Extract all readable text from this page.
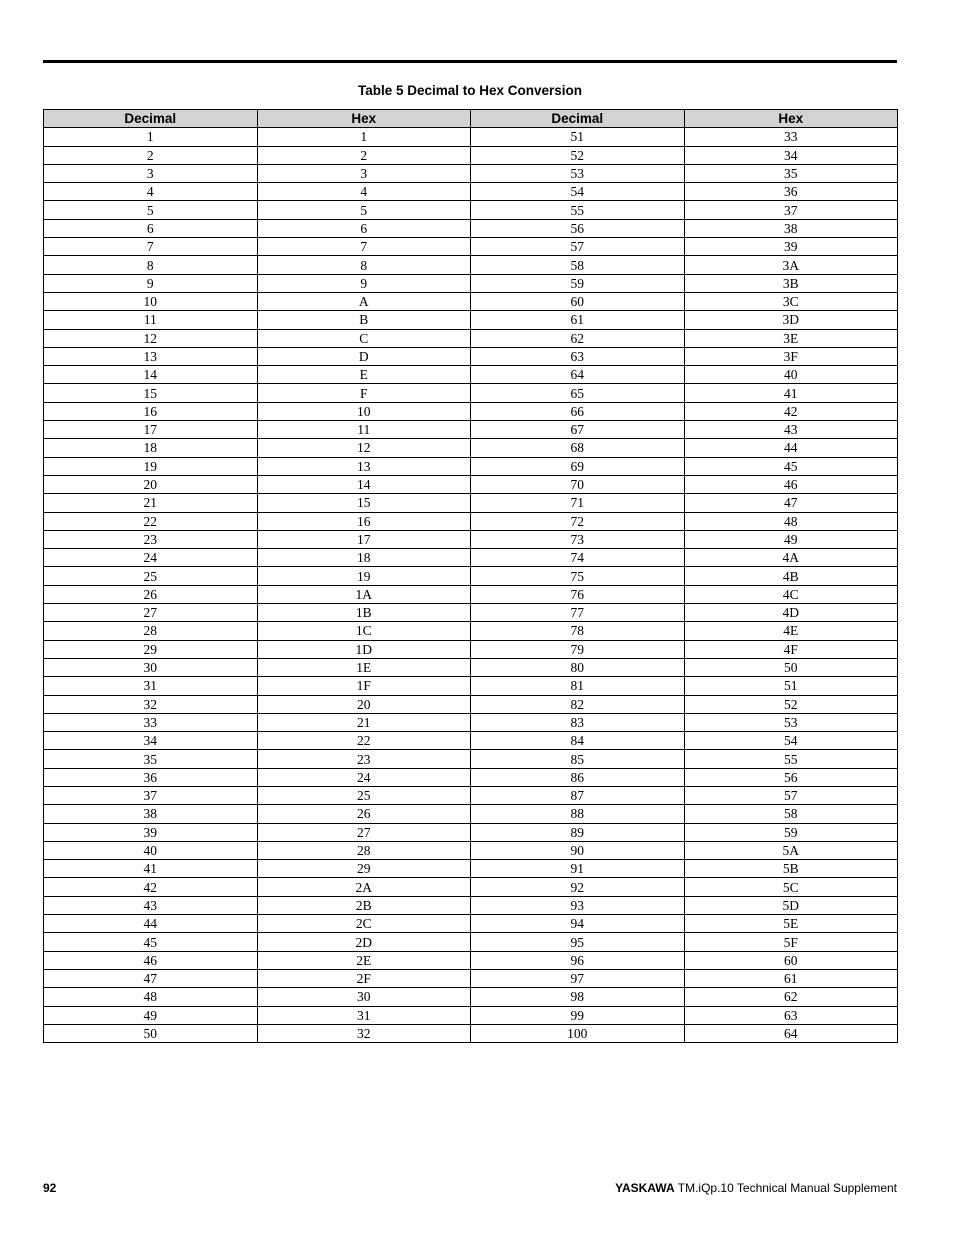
Table 5 Decimal to Hex Conversion
Decimal	Hex	Decimal	Hex
1	1	51	33
2	2	52	34
3	3	53	35
4	4	54	36
5	5	55	37
6	6	56	38
7	7	57	39
8	8	58	3A
9	9	59	3B
10	A	60	3C
11	B	61	3D
12	C	62	3E
13	D	63	3F
14	E	64	40
15	F	65	41
16	10	66	42
17	11	67	43
18	12	68	44
19	13	69	45
20	14	70	46
21	15	71	47
22	16	72	48
23	17	73	49
24	18	74	4A
25	19	75	4B
26	1A	76	4C
27	1B	77	4D
28	1C	78	4E
29	1D	79	4F
30	1E	80	50
31	1F	81	51
32	20	82	52
33	21	83	53
34	22	84	54
35	23	85	55
36	24	86	56
37	25	87	57
38	26	88	58
39	27	89	59
40	28	90	5A
41	29	91	5B
42	2A	92	5C
43	2B	93	5D
44	2C	94	5E
45	2D	95	5F
46	2E	96	60
47	2F	97	61
48	30	98	62
49	31	99	63
50	32	100	64
92	YASKAWA TM.iQp.10 Technical Manual Supplement
